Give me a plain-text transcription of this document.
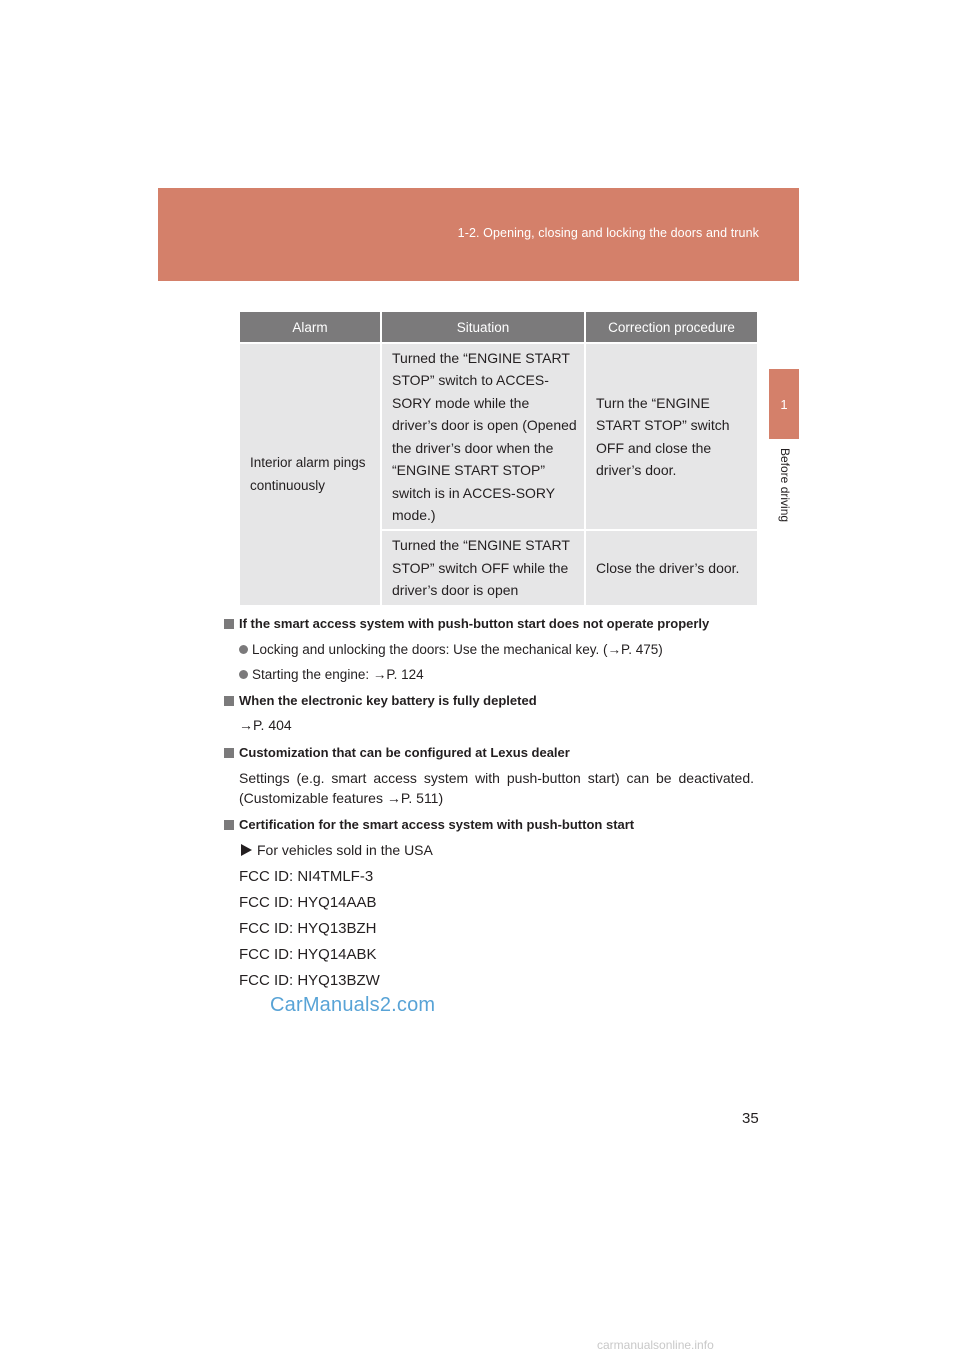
1-2. Opening, closing and locking the doors and trunk
1
Before driving
Alarm	Situation	Correction procedure
Interior alarm pings continuously	Turned the “ENGINE START STOP” switch to ACCES-SORY mode while the driver’s door is open (Opened the driver’s door when the “ENGINE START STOP” switch is in ACCES-SORY mode.)	Turn the “ENGINE START STOP” switch OFF and close the driver’s door.
	Turned the “ENGINE START STOP” switch OFF while the driver’s door is open	Close the driver’s door.
If the smart access system with push-button start does not operate properly
Locking and unlocking the doors: Use the mechanical key. (→P. 475)
Starting the engine: →P. 124
When the electronic key battery is fully depleted
→P. 404
Customization that can be configured at Lexus dealer
Settings (e.g. smart access system with push-button start) can be deactivated. (Customizable features →P. 511)
Certification for the smart access system with push-button start
For vehicles sold in the USA
FCC ID: NI4TMLF-3
FCC ID: HYQ14AAB
FCC ID: HYQ13BZH
FCC ID: HYQ14ABK
FCC ID: HYQ13BZW
CarManuals2.com
35
carmanualsonline.info
